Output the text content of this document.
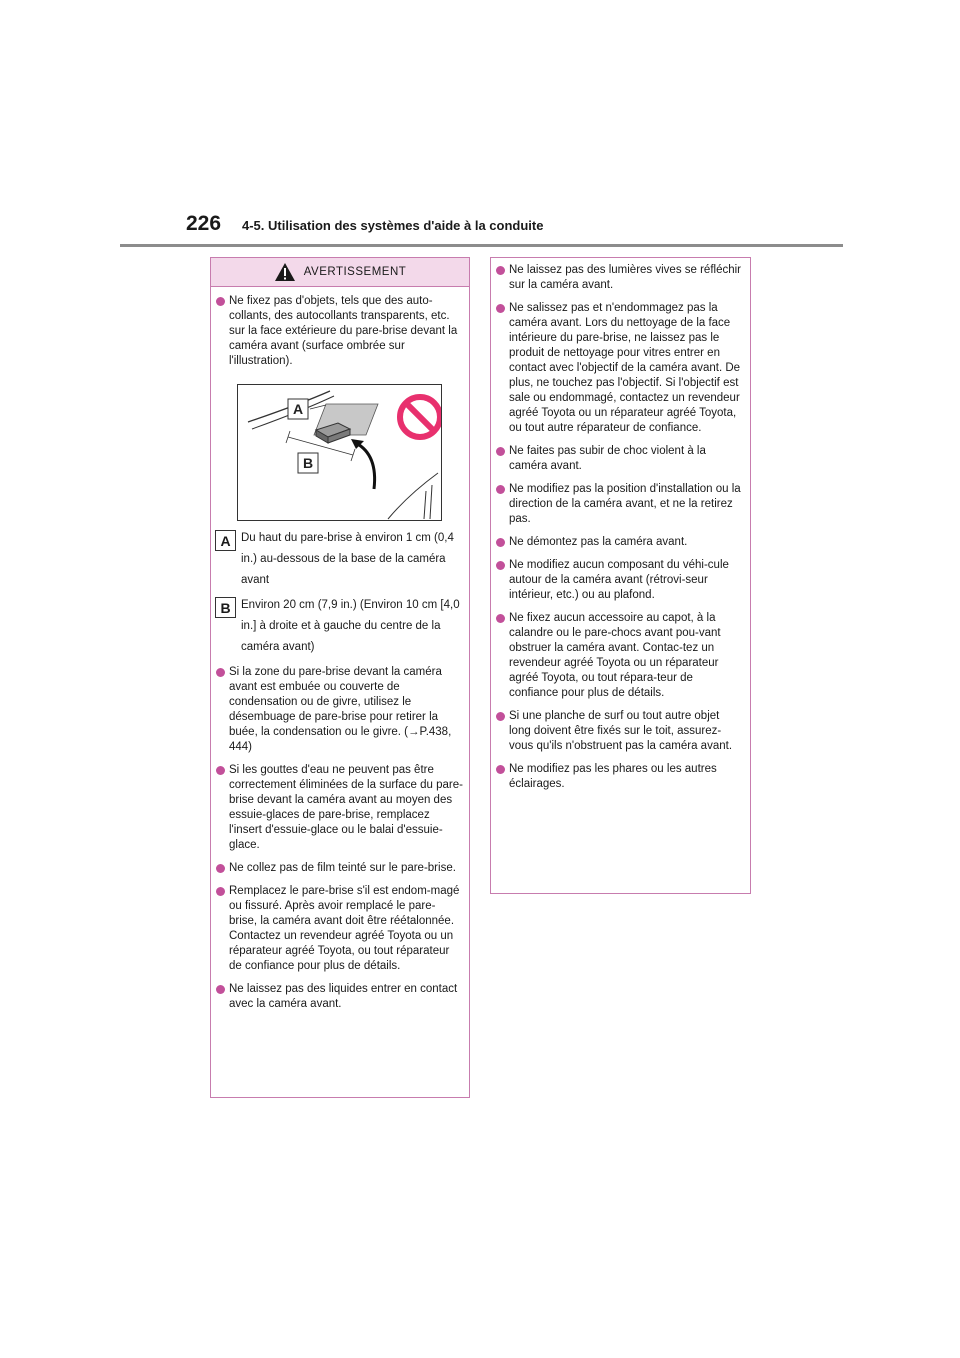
226 4-5. Utilisation des systèmes d'aide à la conduite
AVERTISSEMENT
Ne fixez pas d'objets, tels que des auto-collants, des autocollants transparents, etc. sur la face extérieure du pare-brise devant la caméra avant (surface ombrée sur l'illustration).
A
B
A Du haut du pare-brise à environ 1 cm (0,4 in.) au-dessous de la base de la caméra avant
B Environ 20 cm (7,9 in.) (Environ 10 cm [4,0 in.] à droite et à gauche du centre de la caméra avant)
Si la zone du pare-brise devant la caméra avant est embuée ou couverte de condensation ou de givre, utilisez le désembuage de pare-brise pour retirer la buée, la condensation ou le givre. (→P.438, 444)
Si les gouttes d'eau ne peuvent pas être correctement éliminées de la surface du pare-brise devant la caméra avant au moyen des essuie-glaces de pare-brise, remplacez l'insert d'essuie-glace ou le balai d'essuie-glace.
Ne collez pas de film teinté sur le pare-brise.
Remplacez le pare-brise s'il est endom-magé ou fissuré. Après avoir remplacé le pare-brise, la caméra avant doit être réétalonnée. Contactez un revendeur agréé Toyota ou un réparateur agréé Toyota, ou tout réparateur de confiance pour plus de détails.
Ne laissez pas des liquides entrer en contact avec la caméra avant.
Ne laissez pas des lumières vives se réfléchir sur la caméra avant.
Ne salissez pas et n'endommagez pas la caméra avant. Lors du nettoyage de la face intérieure du pare-brise, ne laissez pas le produit de nettoyage pour vitres entrer en contact avec l'objectif de la caméra avant. De plus, ne touchez pas l'objectif. Si l'objectif est sale ou endommagé, contactez un revendeur agréé Toyota ou un réparateur agréé Toyota, ou tout autre réparateur de confiance.
Ne faites pas subir de choc violent à la caméra avant.
Ne modifiez pas la position d'installation ou la direction de la caméra avant, et ne la retirez pas.
Ne démontez pas la caméra avant.
Ne modifiez aucun composant du véhi-cule autour de la caméra avant (rétrovi-seur intérieur, etc.) ou au plafond.
Ne fixez aucun accessoire au capot, à la calandre ou le pare-chocs avant pou-vant obstruer la caméra avant. Contac-tez un revendeur agréé Toyota ou un réparateur agréé Toyota, ou tout répara-teur de confiance pour plus de détails.
Si une planche de surf ou tout autre objet long doivent être fixés sur le toit, assurez-vous qu'ils n'obstruent pas la caméra avant.
Ne modifiez pas les phares ou les autres éclairages.
